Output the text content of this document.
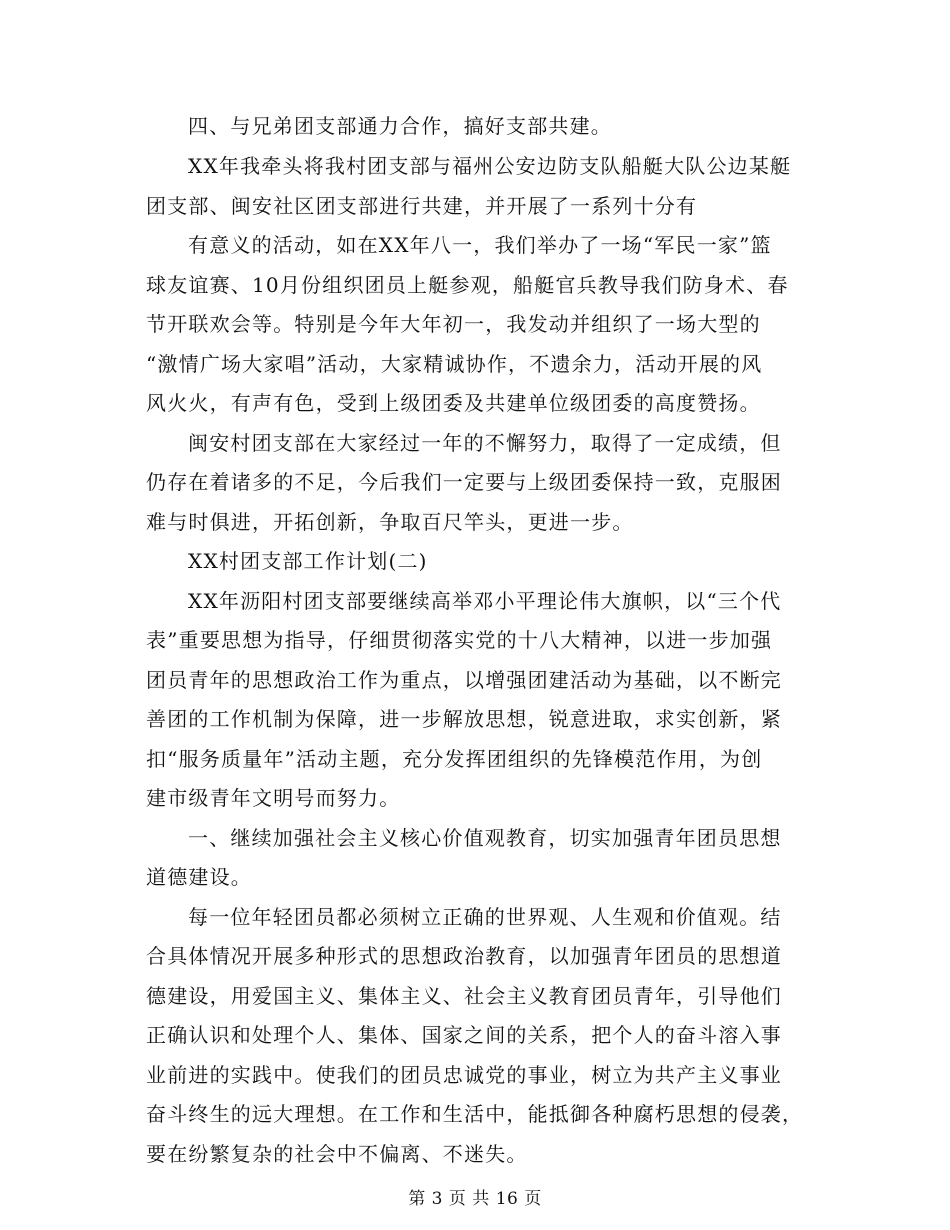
四、与兄弟团支部通力合作，搞好支部共建。
XX年我牵头将我村团支部与福州公安边防支队船艇大队公边某艇
团支部、闽安社区团支部进行共建，并开展了一系列十分有
有意义的活动，如在XX年八一，我们举办了一场“军民一家”篮
球友谊赛、10月份组织团员上艇参观，船艇官兵教导我们防身术、春
节开联欢会等。特别是今年大年初一，我发动并组织了一场大型的
“激情广场大家唱”活动，大家精诚协作，不遗余力，活动开展的风
风火火，有声有色，受到上级团委及共建单位级团委的高度赞扬。
闽安村团支部在大家经过一年的不懈努力，取得了一定成绩，但
仍存在着诸多的不足，今后我们一定要与上级团委保持一致，克服困
难与时俱进，开拓创新，争取百尺竿头，更进一步。
XX村团支部工作计划(二)
XX年沥阳村团支部要继续高举邓小平理论伟大旗帜，以“三个代
表”重要思想为指导，仔细贯彻落实党的十八大精神，以进一步加强
团员青年的思想政治工作为重点，以增强团建活动为基础，以不断完
善团的工作机制为保障，进一步解放思想，锐意进取，求实创新，紧
扣“服务质量年”活动主题，充分发挥团组织的先锋模范作用，为创
建市级青年文明号而努力。
一、继续加强社会主义核心价值观教育，切实加强青年团员思想
道德建设。
每一位年轻团员都必须树立正确的世界观、人生观和价值观。结
合具体情况开展多种形式的思想政治教育，以加强青年团员的思想道
德建设，用爱国主义、集体主义、社会主义教育团员青年，引导他们
正确认识和处理个人、集体、国家之间的关系，把个人的奋斗溶入事
业前进的实践中。使我们的团员忠诚党的事业，树立为共产主义事业
奋斗终生的远大理想。在工作和生活中，能抵御各种腐朽思想的侵袭，
要在纷繁复杂的社会中不偏离、不迷失。
第 3 页 共 16 页
